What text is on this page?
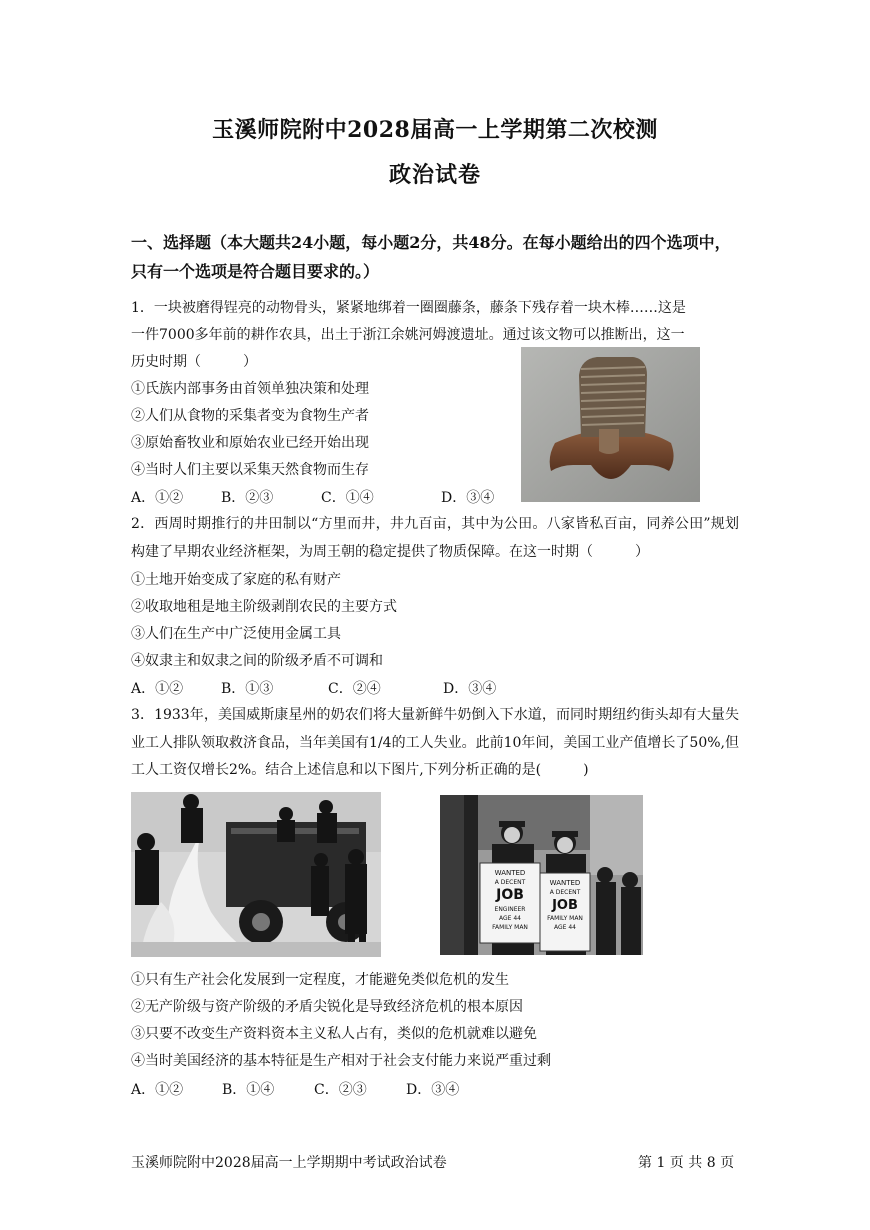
玉溪师院附中2028届高一上学期第二次校测
政治试卷
一、选择题（本大题共24小题，每小题2分，共48分。在每小题给出的四个选项中，只有一个选项是符合题目要求的。）
1．一块被磨得锃亮的动物骨头，紧紧地绑着一圈圈藤条，藤条下残存着一块木棒……这是
一件7000多年前的耕作农具，出土于浙江余姚河姆渡遗址。通过该文物可以推断出，这一
历史时期（　　　）
①氏族内部事务由首领单独决策和处理
②人们从食物的采集者变为食物生产者
③原始畜牧业和原始农业已经开始出现
④当时人们主要以采集天然食物而生存
A．①②	B．②③	C．①④	D．③④
2．西周时期推行的井田制以“方里而井，井九百亩，其中为公田。八家皆私百亩，同养公田”规划构建了早期农业经济框架，为周王朝的稳定提供了物质保障。在这一时期（　　　）
①土地开始变成了家庭的私有财产
②收取地租是地主阶级剥削农民的主要方式
③人们在生产中广泛使用金属工具
④奴隶主和奴隶之间的阶级矛盾不可调和
A．①②	B．①③	C．②④	D．③④
3．1933年，美国威斯康星州的奶农们将大量新鲜牛奶倒入下水道，而同时期纽约街头却有大量失业工人排队领取救济食品，当年美国有1/4的工人失业。此前10年间，美国工业产值增长了50%,但工人工资仅增长2%。结合上述信息和以下图片,下列分析正确的是(　　　)
WANTED
A DECENT
JOB
ENGINEER
AGE 44
FAMILY MAN
WANTED
A DECENT
JOB
FAMILY MAN
AGE 44
①只有生产社会化发展到一定程度，才能避免类似危机的发生
②无产阶级与资产阶级的矛盾尖锐化是导致经济危机的根本原因
③只要不改变生产资料资本主义私人占有，类似的危机就难以避免
④当时美国经济的基本特征是生产相对于社会支付能力来说严重过剩
A．①②	B．①④	C．②③	D．③④
玉溪师院附中2028届高一上学期期中考试政治试卷	第 1 页 共 8 页
